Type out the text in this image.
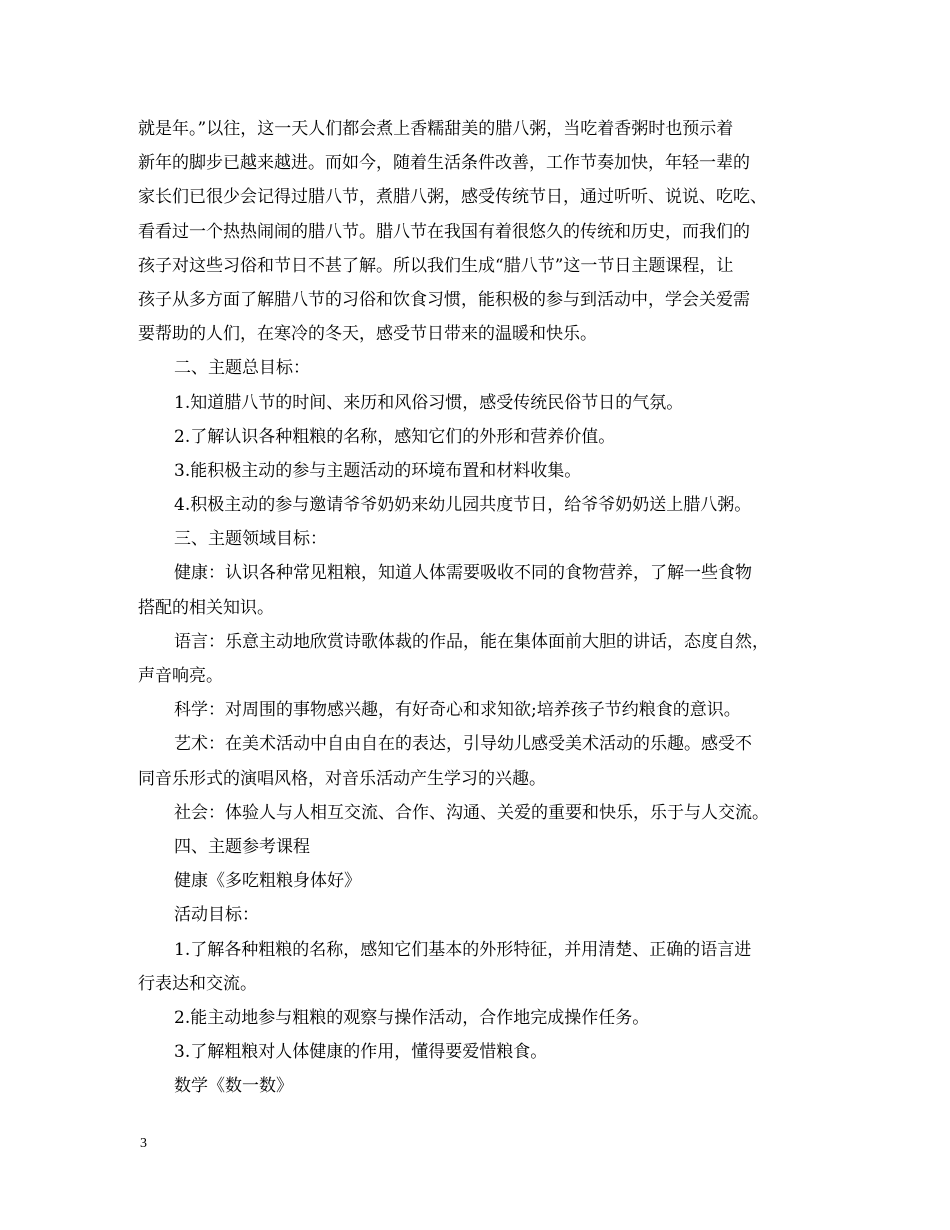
就是年。”以往，这一天人们都会煮上香糯甜美的腊八粥，当吃着香粥时也预示着
新年的脚步已越来越进。而如今，随着生活条件改善，工作节奏加快，年轻一辈的
家长们已很少会记得过腊八节，煮腊八粥，感受传统节日，通过听听、说说、吃吃、
看看过一个热热闹闹的腊八节。腊八节在我国有着很悠久的传统和历史，而我们的
孩子对这些习俗和节日不甚了解。所以我们生成“腊八节”这一节日主题课程，让
孩子从多方面了解腊八节的习俗和饮食习惯，能积极的参与到活动中，学会关爱需
要帮助的人们，在寒冷的冬天，感受节日带来的温暖和快乐。
二、主题总目标：
1.知道腊八节的时间、来历和风俗习惯，感受传统民俗节日的气氛。
2.了解认识各种粗粮的名称，感知它们的外形和营养价值。
3.能积极主动的参与主题活动的环境布置和材料收集。
4.积极主动的参与邀请爷爷奶奶来幼儿园共度节日，给爷爷奶奶送上腊八粥。
三、主题领域目标：
健康：认识各种常见粗粮，知道人体需要吸收不同的食物营养，了解一些食物
搭配的相关知识。
语言：乐意主动地欣赏诗歌体裁的作品，能在集体面前大胆的讲话，态度自然，
声音响亮。
科学：对周围的事物感兴趣，有好奇心和求知欲;培养孩子节约粮食的意识。
艺术：在美术活动中自由自在的表达，引导幼儿感受美术活动的乐趣。感受不
同音乐形式的演唱风格，对音乐活动产生学习的兴趣。
社会：体验人与人相互交流、合作、沟通、关爱的重要和快乐，乐于与人交流。
四、主题参考课程
健康《多吃粗粮身体好》
活动目标：
1.了解各种粗粮的名称，感知它们基本的外形特征，并用清楚、正确的语言进
行表达和交流。
2.能主动地参与粗粮的观察与操作活动，合作地完成操作任务。
3.了解粗粮对人体健康的作用，懂得要爱惜粮食。
数学《数一数》
3
